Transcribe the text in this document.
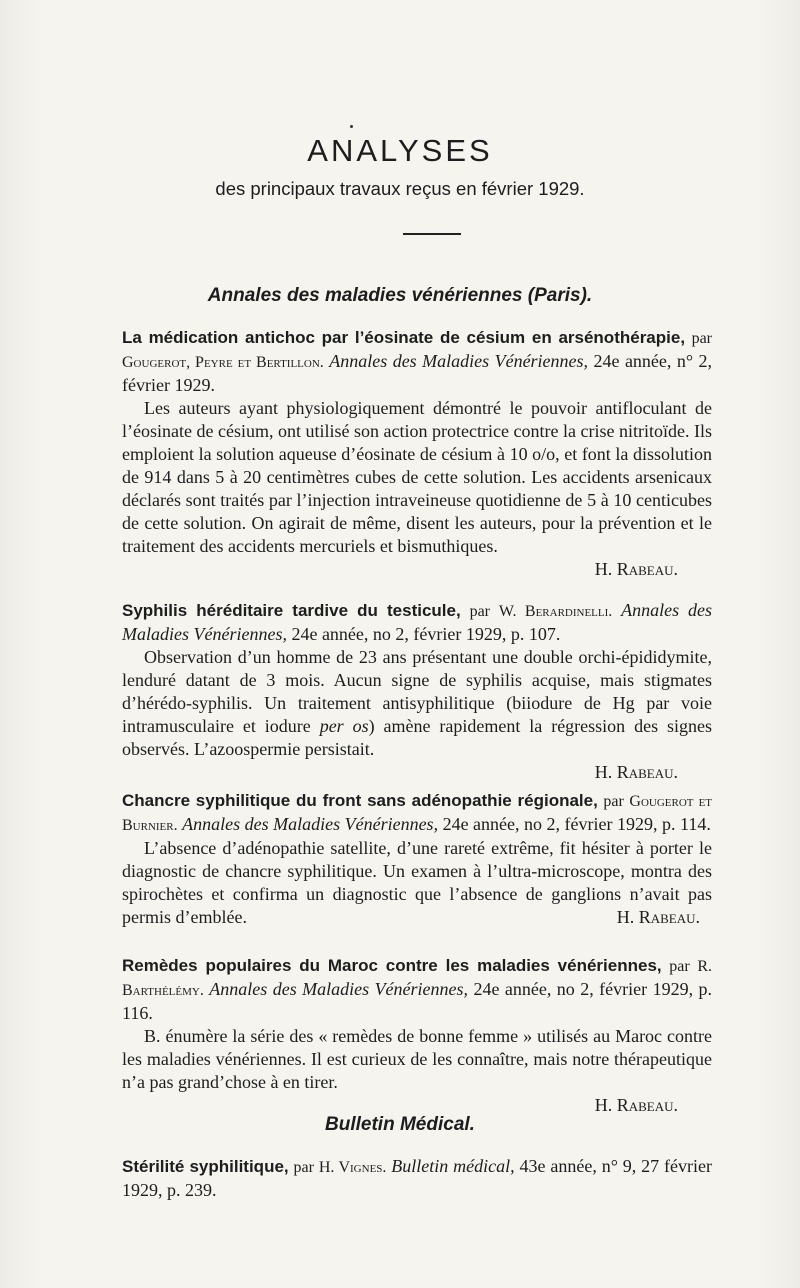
ANALYSES
des principaux travaux reçus en février 1929.
Annales des maladies vénériennes (Paris).
La médication antichoc par l’éosinate de césium en arsénothérapie, par Gougerot, Peyre et Bertillon. Annales des Maladies Vénériennes, 24e année, n° 2, février 1929.
Les auteurs ayant physiologiquement démontré le pouvoir antifloculant de l’éosinate de césium, ont utilisé son action protectrice contre la crise nitritoïde. Ils emploient la solution aqueuse d’éosinate de césium à 10 o/o, et font la dissolution de 914 dans 5 à 20 centimètres cubes de cette solution. Les accidents arsenicaux déclarés sont traités par l’injection intraveineuse quotidienne de 5 à 10 centicubes de cette solution. On agirait de même, disent les auteurs, pour la prévention et le traitement des accidents mercuriels et bismuthiques.
H. Rabeau.
Syphilis héréditaire tardive du testicule, par W. Berardinelli. Annales des Maladies Vénériennes, 24e année, no 2, février 1929, p. 107.
Observation d’un homme de 23 ans présentant une double orchi-épididymite, lenduré datant de 3 mois. Aucun signe de syphilis acquise, mais stigmates d’hérédo-syphilis. Un traitement antisyphilitique (biiodure de Hg par voie intramusculaire et iodure per os) amène rapidement la régression des signes observés. L’azoospermie persistait.
H. Rabeau.
Chancre syphilitique du front sans adénopathie régionale, par Gougerot et Burnier. Annales des Maladies Vénériennes, 24e année, no 2, février 1929, p. 114.
L’absence d’adénopathie satellite, d’une rareté extrême, fit hésiter à porter le diagnostic de chancre syphilitique. Un examen à l’ultra-microscope, montra des spirochètes et confirma un diagnostic que l’absence de ganglions n’avait pas permis d’emblée.	H. Rabeau.
Remèdes populaires du Maroc contre les maladies vénériennes, par R. Barthélémy. Annales des Maladies Vénériennes, 24e année, no 2, février 1929, p. 116.
B. énumère la série des « remèdes de bonne femme » utilisés au Maroc contre les maladies vénériennes. Il est curieux de les connaître, mais notre thérapeutique n’a pas grand’chose à en tirer.
H. Rabeau.
Bulletin Médical.
Stérilité syphilitique, par H. Vignes. Bulletin médical, 43e année, n° 9, 27 février 1929, p. 239.
